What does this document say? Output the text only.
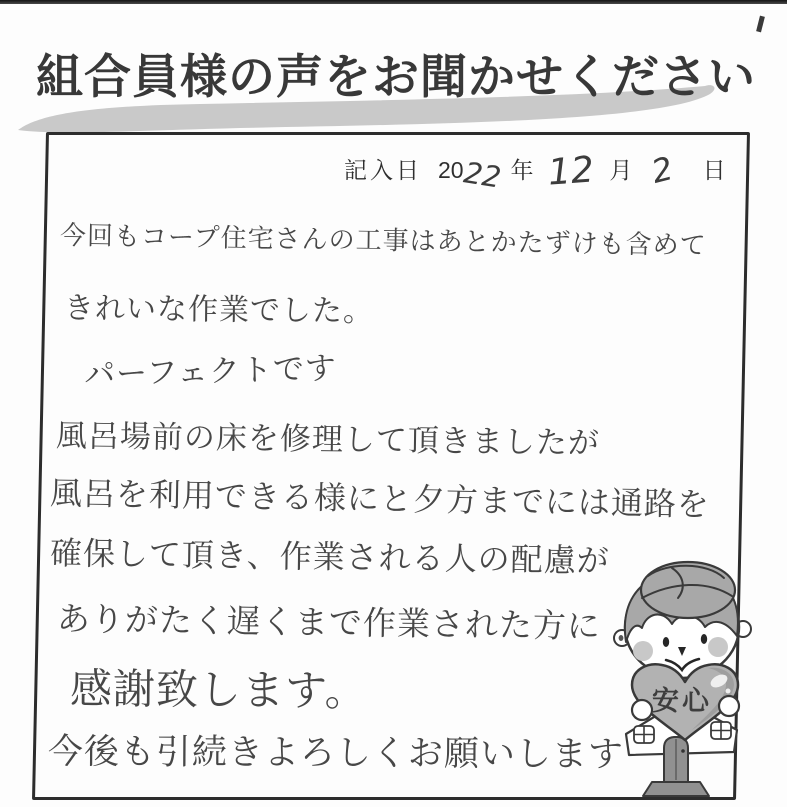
組合員様の声をお聞かせください
記入日 20
22 年 12 月 2 日
今回もコープ住宅さんの工事はあとかたずけも含めて
きれいな作業でした。
パーフェクトです
風呂場前の床を修理して頂きましたが
風呂を利用できる様にと夕方までには通路を
確保して頂き、作業される人の配慮が
ありがたく遅くまで作業された方に
感謝致します。
今後も引続きよろしくお願いします
安心
